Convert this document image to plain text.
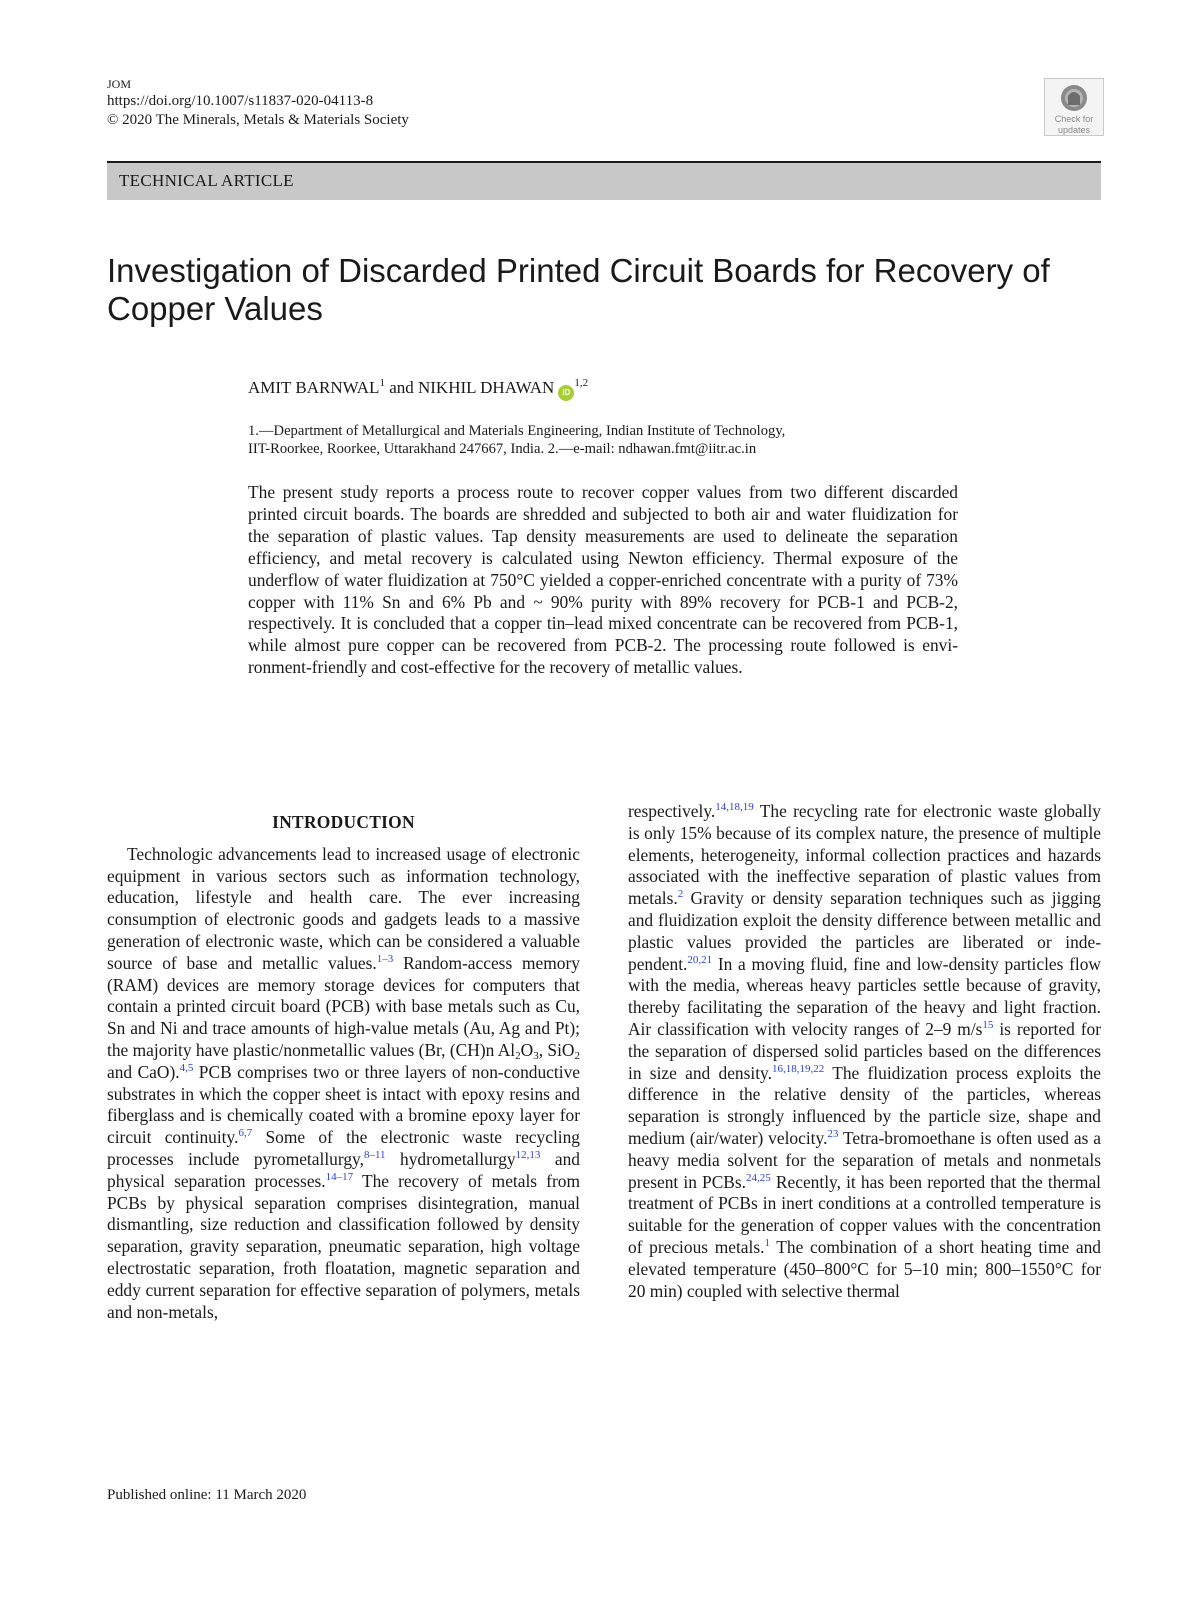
JOM
https://doi.org/10.1007/s11837-020-04113-8
© 2020 The Minerals, Metals & Materials Society	Check for
updates
TECHNICAL ARTICLE
Investigation of Discarded Printed Circuit Boards for Recovery of Copper Values
AMIT BARNWAL$^1$ and NIKHIL DHAWAN iD$^{1,2}$
1.—Department of Metallurgical and Materials Engineering, Indian Institute of Technology,
IIT-Roorkee, Roorkee, Uttarakhand 247667, India. 2.—e-mail: ndhawan.fmt@iitr.ac.in

The present study reports a process route to recover copper values from two different discarded printed circuit boards. The boards are shredded and subjected to both air and water fluidization for the separation of plastic values. Tap density measurements are used to delineate the separation efficiency, and metal recovery is calculated using Newton efficiency. Thermal exposure of the underflow of water fluidization at 750°C yielded a copper-enriched concentrate with a purity of 73% copper with 11% Sn and 6% Pb and ~ 90% purity with 89% recovery for PCB-1 and PCB-2, respectively. It is concluded that a copper tin–lead mixed concentrate can be recovered from PCB-1, while almost pure copper can be recovered from PCB-2. The processing route followed is environment-friendly and cost-effective for the recovery of metallic values.

INTRODUCTION

Technologic advancements lead to increased usage of electronic equipment in various sectors such as information technology, education, lifestyle and health care. The ever increasing consumption of electronic goods and gadgets leads to a massive generation of electronic waste, which can be considered a valuable source of base and metallic values.$^{1-3}$ Random-access memory (RAM) devices are memory storage devices for computers that contain a printed circuit board (PCB) with base metals such as Cu, Sn and Ni and trace amounts of high-value metals (Au, Ag and Pt); the majority have plastic/nonmetallic values (Br, (CH)n $Al_2O_3$, SiO$_2$ and CaO).$^{4,5}$ PCB comprises two or three layers of non-conductive substrates in which the copper sheet is intact with epoxy resins and fiberglass and is chemically coated with a bromine epoxy layer for circuit continuity.$^{6,7}$ Some of the electronic waste recycling processes include pyrometallurgy,$^{8-11}$ hydrometallurgy$^{12,13}$ and physical separation processes.$^{14-17}$ The recovery of metals from PCBs by physical separation comprises disintegration, manual dismantling, size reduction and classification followed by density separation, gravity separation, pneumatic separation, high voltage electrostatic separation, froth floatation, magnetic separation and eddy current separation for effective separation of polymers, metals and non-metals,

respectively.$^{14,18,19}$ The recycling rate for electronic waste globally is only 15% because of its complex nature, the presence of multiple elements, heterogeneity, informal collection practices and hazards associated with the ineffective separation of plastic values from metals.$^2$ Gravity or density separation techniques such as jigging and fluidization exploit the density difference between metallic and plastic values provided the particles are liberated or independent.$^{20,21}$ In a moving fluid, fine and low-density particles flow with the media, whereas heavy particles settle because of gravity, thereby facilitating the separation of the heavy and light fraction. Air classification with velocity ranges of 2–9 m/s$^{15}$ is reported for the separation of dispersed solid particles based on the differences in size and density.$^{16,18,19,22}$ The fluidization process exploits the difference in the relative density of the particles, whereas separation is strongly influenced by the particle size, shape and medium (air/water) velocity.$^{23}$ Tetra-bromoethane is often used as a heavy media solvent for the separation of metals and nonmetals present in PCBs.$^{24,25}$ Recently, it has been reported that the thermal treatment of PCBs in inert conditions at a controlled temperature is suitable for the generation of copper values with the concentration of precious metals.$^1$ The combination of a short heating time and elevated temperature (450–800°C for 5–10 min; 800–1550°C for 20 min) coupled with selective thermal

Published online: 11 March 2020
